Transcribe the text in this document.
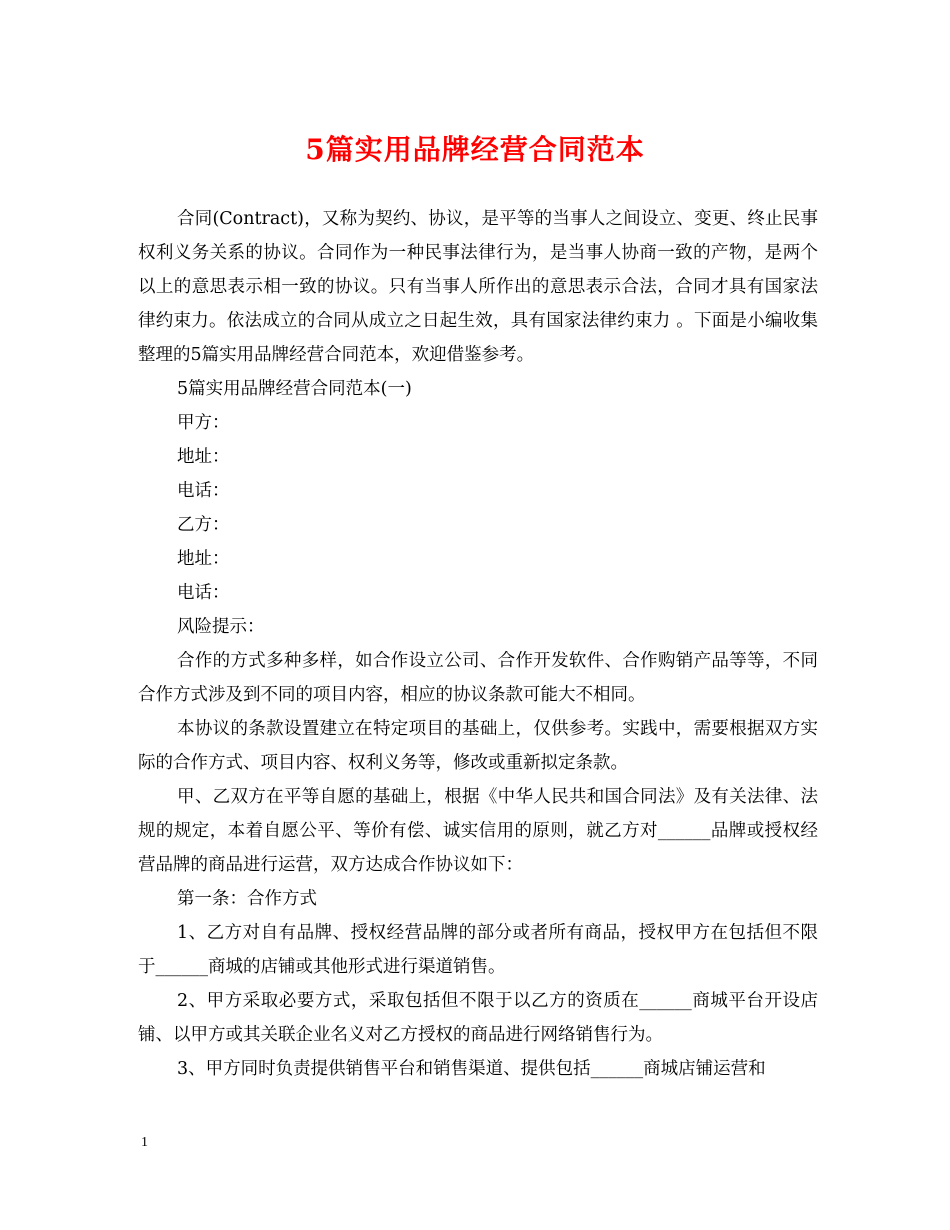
5篇实用品牌经营合同范本

合同(Contract)，又称为契约、协议，是平等的当事人之间设立、变更、终止民事权利义务关系的协议。合同作为一种民事法律行为，是当事人协商一致的产物，是两个以上的意思表示相一致的协议。只有当事人所作出的意思表示合法，合同才具有国家法律约束力。依法成立的合同从成立之日起生效，具有国家法律约束力 。下面是小编收集整理的5篇实用品牌经营合同范本，欢迎借鉴参考。

5篇实用品牌经营合同范本(一)

甲方：

地址：

电话：

乙方：

地址：

电话：

风险提示：

合作的方式多种多样，如合作设立公司、合作开发软件、合作购销产品等等，不同合作方式涉及到不同的项目内容，相应的协议条款可能大不相同。

本协议的条款设置建立在特定项目的基础上，仅供参考。实践中，需要根据双方实际的合作方式、项目内容、权利义务等，修改或重新拟定条款。

甲、乙双方在平等自愿的基础上，根据《中华人民共和国合同法》及有关法律、法规的规定，本着自愿公平、等价有偿、诚实信用的原则，就乙方对______品牌或授权经营品牌的商品进行运营，双方达成合作协议如下：

第一条：合作方式

1、乙方对自有品牌、授权经营品牌的部分或者所有商品，授权甲方在包括但不限于______商城的店铺或其他形式进行渠道销售。

2、甲方采取必要方式，采取包括但不限于以乙方的资质在______商城平台开设店铺、以甲方或其关联企业名义对乙方授权的商品进行网络销售行为。

3、甲方同时负责提供销售平台和销售渠道、提供包括______商城店铺运营和

1
